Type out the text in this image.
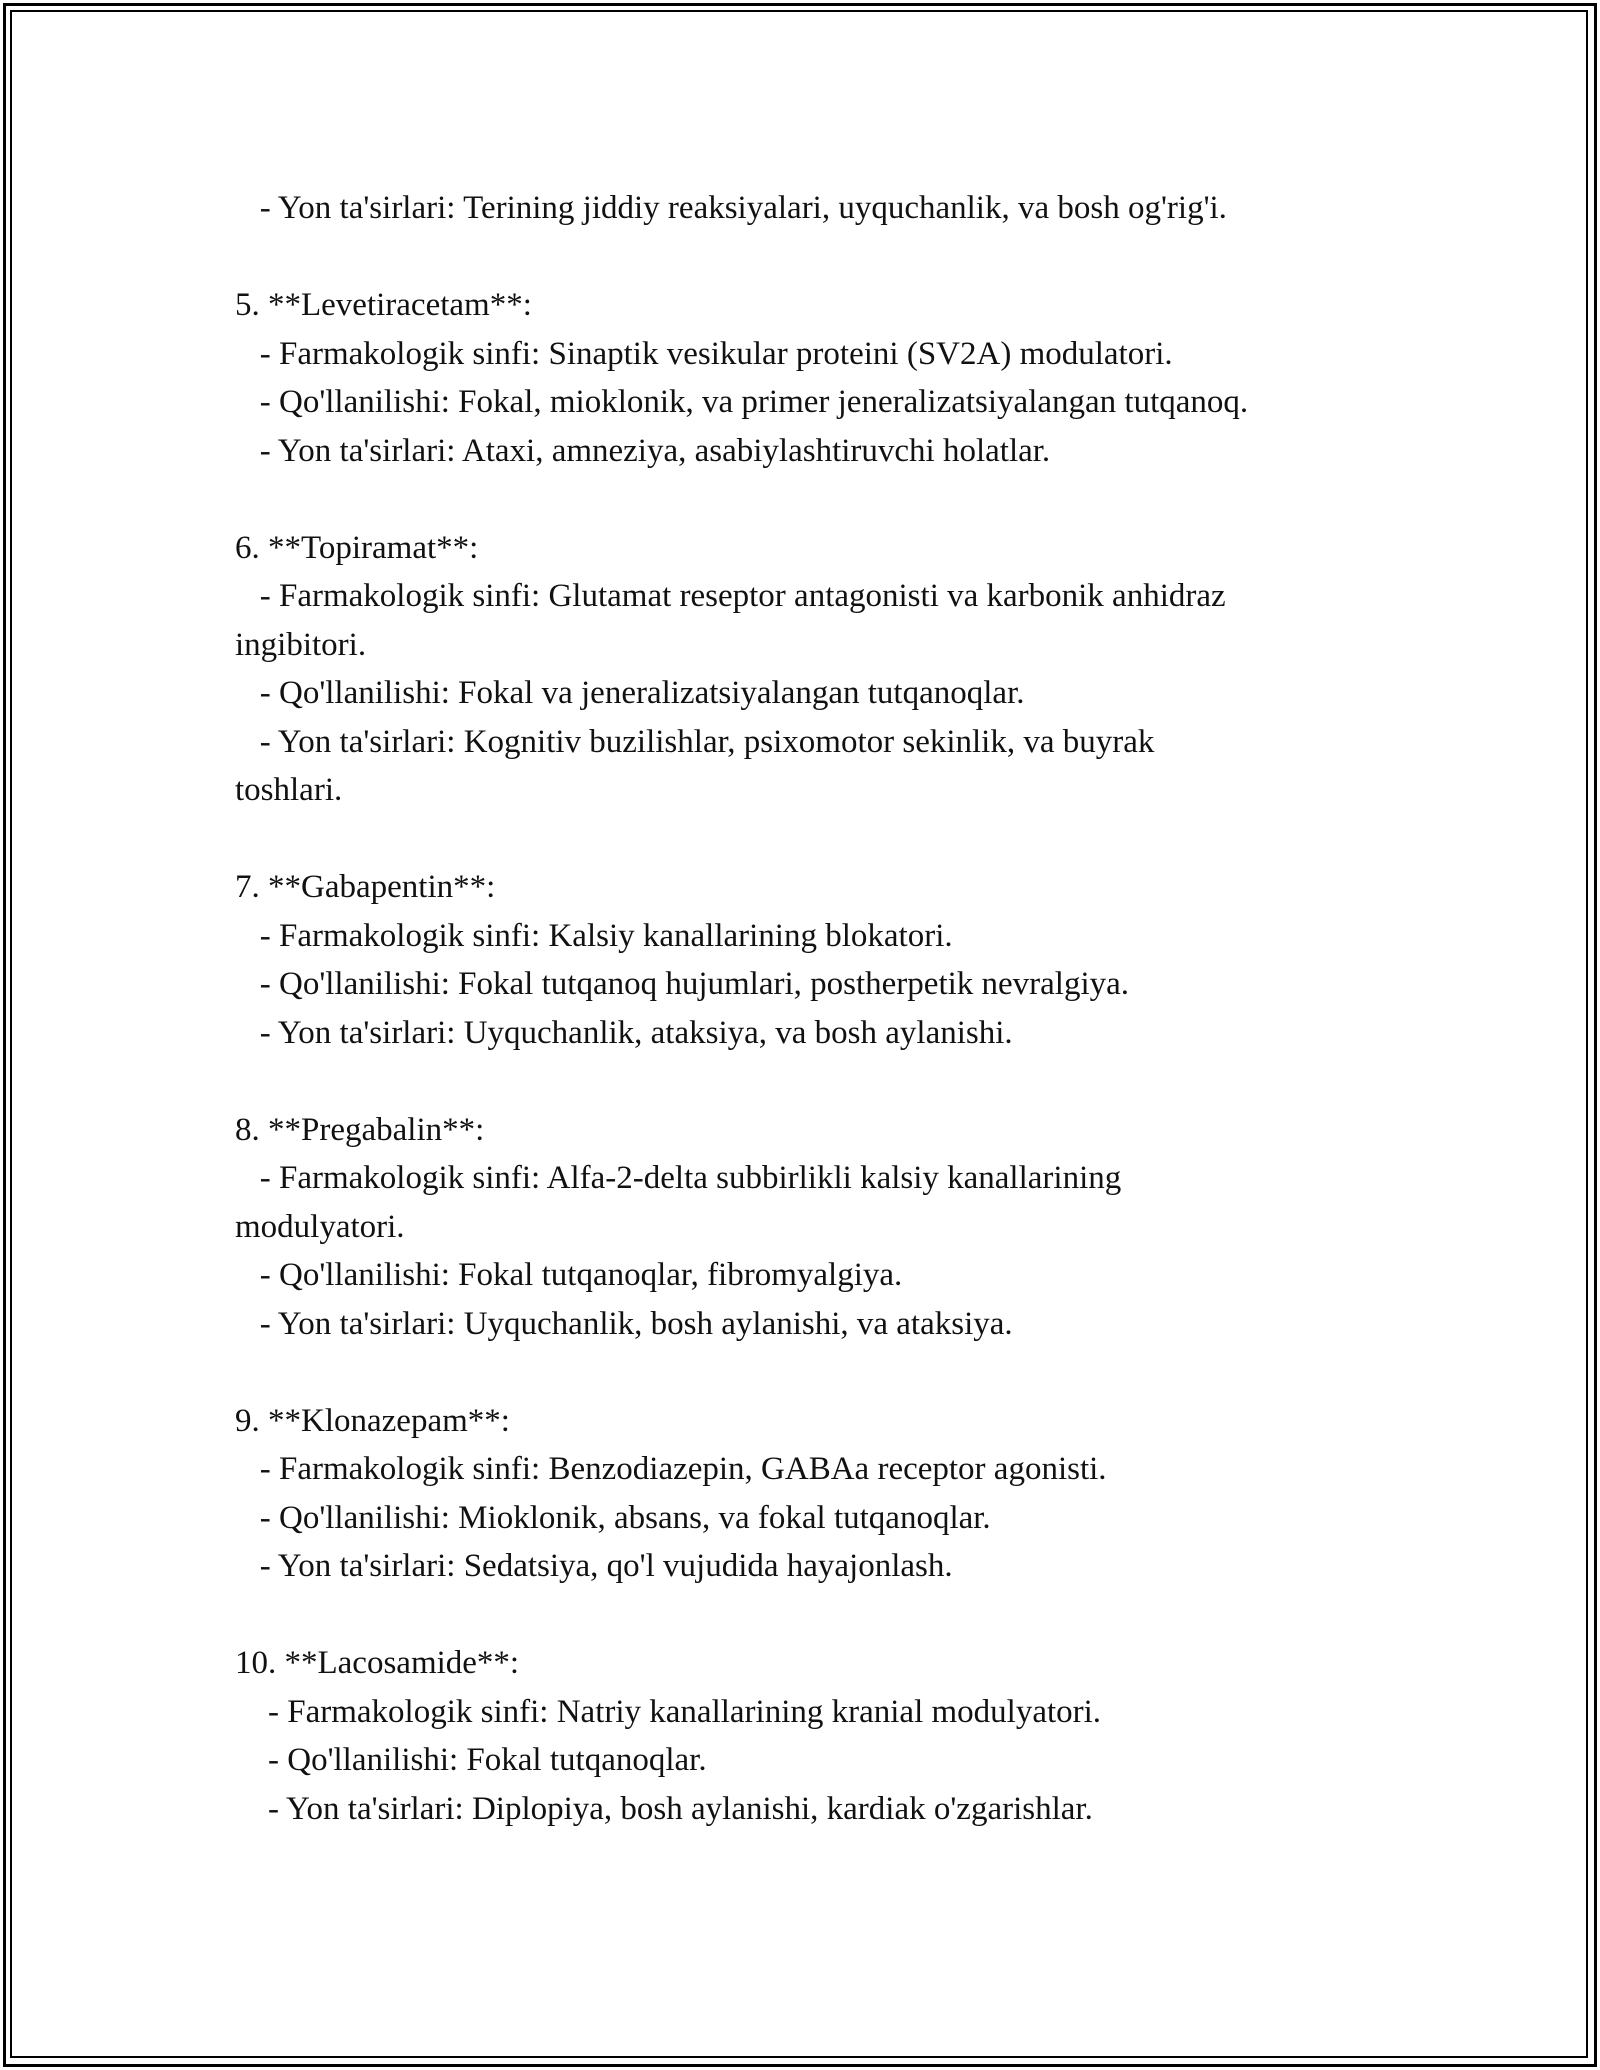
- Yon ta'sirlari: Terining jiddiy reaksiyalari, uyquchanlik, va bosh og'rig'i.
5. **Levetiracetam**:
- Farmakologik sinfi: Sinaptik vesikular proteini (SV2A) modulatori.
- Qo'llanilishi: Fokal, mioklonik, va primer jeneralizatsiyalangan tutqanoq.
- Yon ta'sirlari: Ataxi, amneziya, asabiylashtiruvchi holatlar.
6. **Topiramat**:
- Farmakologik sinfi: Glutamat reseptor antagonisti va karbonik anhidraz
ingibitori.
- Qo'llanilishi: Fokal va jeneralizatsiyalangan tutqanoqlar.
- Yon ta'sirlari: Kognitiv buzilishlar, psixomotor sekinlik, va buyrak
toshlari.
7. **Gabapentin**:
- Farmakologik sinfi: Kalsiy kanallarining blokatori.
- Qo'llanilishi: Fokal tutqanoq hujumlari, postherpetik nevralgiya.
- Yon ta'sirlari: Uyquchanlik, ataksiya, va bosh aylanishi.
8. **Pregabalin**:
- Farmakologik sinfi: Alfa-2-delta subbirlikli kalsiy kanallarining
modulyatori.
- Qo'llanilishi: Fokal tutqanoqlar, fibromyalgiya.
- Yon ta'sirlari: Uyquchanlik, bosh aylanishi, va ataksiya.
9. **Klonazepam**:
- Farmakologik sinfi: Benzodiazepin, GABAa receptor agonisti.
- Qo'llanilishi: Mioklonik, absans, va fokal tutqanoqlar.
- Yon ta'sirlari: Sedatsiya, qo'l vujudida hayajonlash.
10. **Lacosamide**:
- Farmakologik sinfi: Natriy kanallarining kranial modulyatori.
- Qo'llanilishi: Fokal tutqanoqlar.
- Yon ta'sirlari: Diplopiya, bosh aylanishi, kardiak o'zgarishlar.
